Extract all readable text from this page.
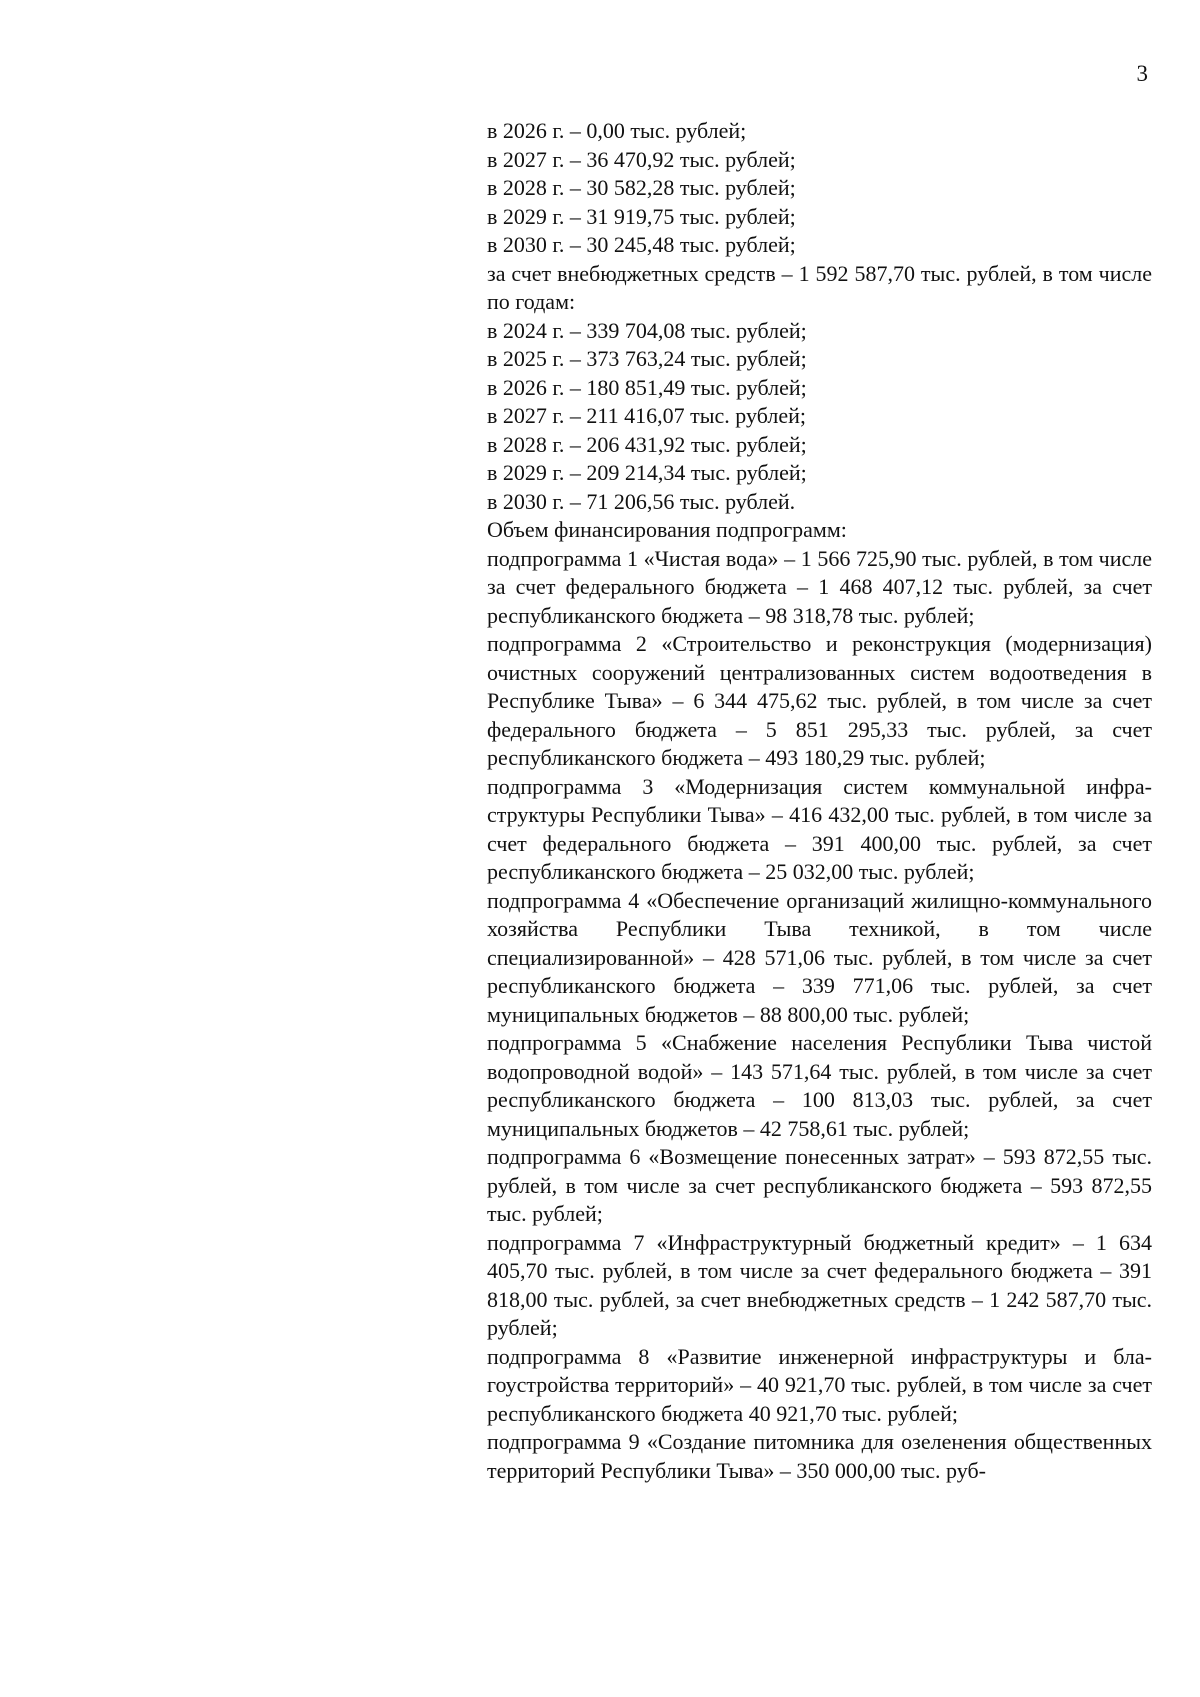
3
в 2026 г. – 0,00 тыс. рублей;
в 2027 г. – 36 470,92 тыс. рублей;
в 2028 г. – 30 582,28 тыс. рублей;
в 2029 г. – 31 919,75 тыс. рублей;
в 2030 г. – 30 245,48 тыс. рублей;
за счет внебюджетных средств – 1 592 587,70 тыс. рублей, в том числе по годам:
в 2024 г. – 339 704,08 тыс. рублей;
в 2025 г. – 373 763,24 тыс. рублей;
в 2026 г. – 180 851,49 тыс. рублей;
в 2027 г. – 211 416,07 тыс. рублей;
в 2028 г. – 206 431,92 тыс. рублей;
в 2029 г. – 209 214,34 тыс. рублей;
в 2030 г. – 71 206,56 тыс. рублей.
Объем финансирования подпрограмм:
подпрограмма 1 «Чистая вода» – 1 566 725,90 тыс. рублей, в том числе за счет федерального бюджета – 1 468 407,12 тыс. рублей, за счет республиканского бюджета – 98 318,78 тыс. рублей;
подпрограмма 2 «Строительство и реконструкция (модернизация) очистных сооружений централизованных систем водоотведения в Республике Тыва» – 6 344 475,62 тыс. рублей, в том числе за счет федерального бюджета – 5 851 295,33 тыс. рублей, за счет республиканского бюджета – 493 180,29 тыс. рублей;
подпрограмма 3 «Модернизация систем коммунальной инфраструктуры Республики Тыва» – 416 432,00 тыс. рублей, в том числе за счет федерального бюджета – 391 400,00 тыс. рублей, за счет республиканского бюджета – 25 032,00 тыс. рублей;
подпрограмма 4 «Обеспечение организаций жилищно-коммунального хозяйства Республики Тыва техникой, в том числе специализированной» – 428 571,06 тыс. рублей, в том числе за счет республиканского бюджета – 339 771,06 тыс. рублей, за счет муниципальных бюджетов – 88 800,00 тыс. рублей;
подпрограмма 5 «Снабжение населения Республики Тыва чистой водопроводной водой» – 143 571,64 тыс. рублей, в том числе за счет республиканского бюджета – 100 813,03 тыс. рублей, за счет муниципальных бюджетов – 42 758,61 тыс. рублей;
подпрограмма 6 «Возмещение понесенных затрат» – 593 872,55 тыс. рублей, в том числе за счет республиканского бюджета – 593 872,55 тыс. рублей;
подпрограмма 7 «Инфраструктурный бюджетный кредит» – 1 634 405,70 тыс. рублей, в том числе за счет федерального бюджета – 391 818,00 тыс. рублей, за счет внебюджетных средств – 1 242 587,70 тыс. рублей;
подпрограмма 8 «Развитие инженерной инфраструктуры и благоустройства территорий» – 40 921,70 тыс. рублей, в том числе за счет республиканского бюджета 40 921,70 тыс. рублей;
подпрограмма 9 «Создание питомника для озеленения общественных территорий Республики Тыва» – 350 000,00 тыс. руб-
